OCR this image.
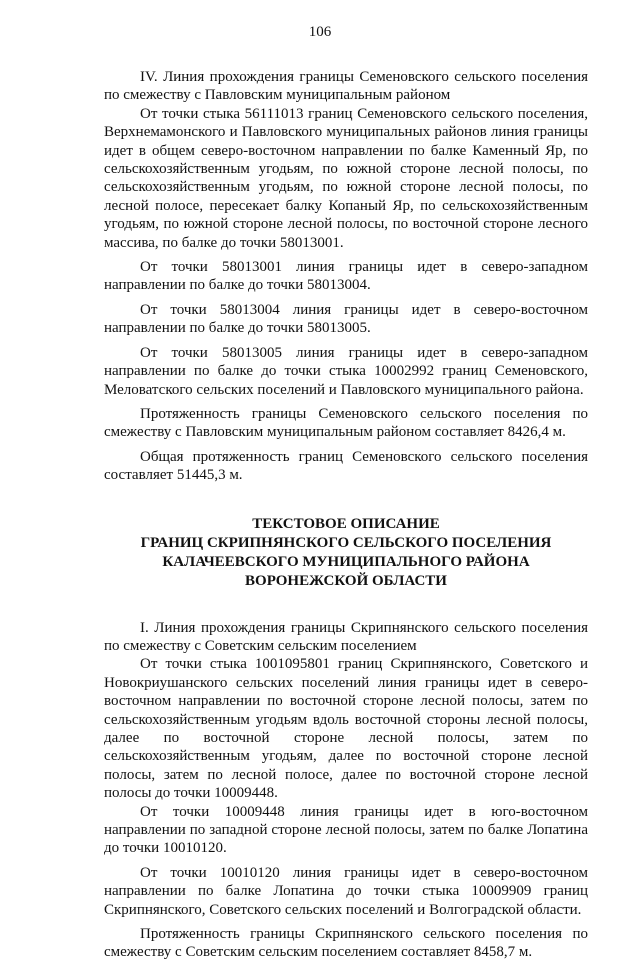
106

IV. Линия прохождения границы Семеновского сельского поселения по смежеству с Павловским муниципальным районом

От точки стыка 56111013 границ Семеновского сельского поселения, Верхнемамонского и Павловского муниципальных районов линия границы идет в общем северо-восточном направлении по балке Каменный Яр, по сельскохозяйственным угодьям, по южной стороне лесной полосы, по сельскохозяйственным угодьям, по южной стороне лесной полосы, по лесной полосе, пересекает балку Копаный Яр, по сельскохозяйственным угодьям, по южной стороне лесной полосы, по восточной стороне лесного массива, по балке до точки 58013001.

От точки 58013001 линия границы идет в северо-западном направлении по балке до точки 58013004.

От точки 58013004 линия границы идет в северо-восточном направлении по балке до точки 58013005.

От точки 58013005 линия границы идет в северо-западном направлении по балке до точки стыка 10002992 границ Семеновского, Меловатского сельских поселений и Павловского муниципального района.

Протяженность границы Семеновского сельского поселения по смежеству с Павловским муниципальным районом составляет 8426,4 м.

Общая протяженность границ Семеновского сельского поселения составляет 51445,3 м.

ТЕКСТОВОЕ ОПИСАНИЕ
ГРАНИЦ СКРИПНЯНСКОГО СЕЛЬСКОГО ПОСЕЛЕНИЯ
КАЛАЧЕЕВСКОГО МУНИЦИПАЛЬНОГО РАЙОНА
ВОРОНЕЖСКОЙ ОБЛАСТИ

I. Линия прохождения границы Скрипнянского сельского поселения по смежеству с Советским сельским поселением

От точки стыка 1001095801 границ Скрипнянского, Советского и Новокриушанского сельских поселений линия границы идет в северо-восточном направлении по восточной стороне лесной полосы, затем по сельскохозяйственным угодьям вдоль восточной стороны лесной полосы, далее по восточной стороне лесной полосы, затем по сельскохозяйственным угодьям, далее по восточной стороне лесной полосы, затем по лесной полосе, далее по восточной стороне лесной полосы до точки 10009448.

От точки 10009448 линия границы идет в юго-восточном направлении по западной стороне лесной полосы, затем по балке Лопатина до точки 10010120.

От точки 10010120 линия границы идет в северо-восточном направлении по балке Лопатина до точки стыка 10009909 границ Скрипнянского, Советского сельских поселений и Волгоградской области.

Протяженность границы Скрипнянского сельского поселения по смежеству с Советским сельским поселением составляет 8458,7 м.
